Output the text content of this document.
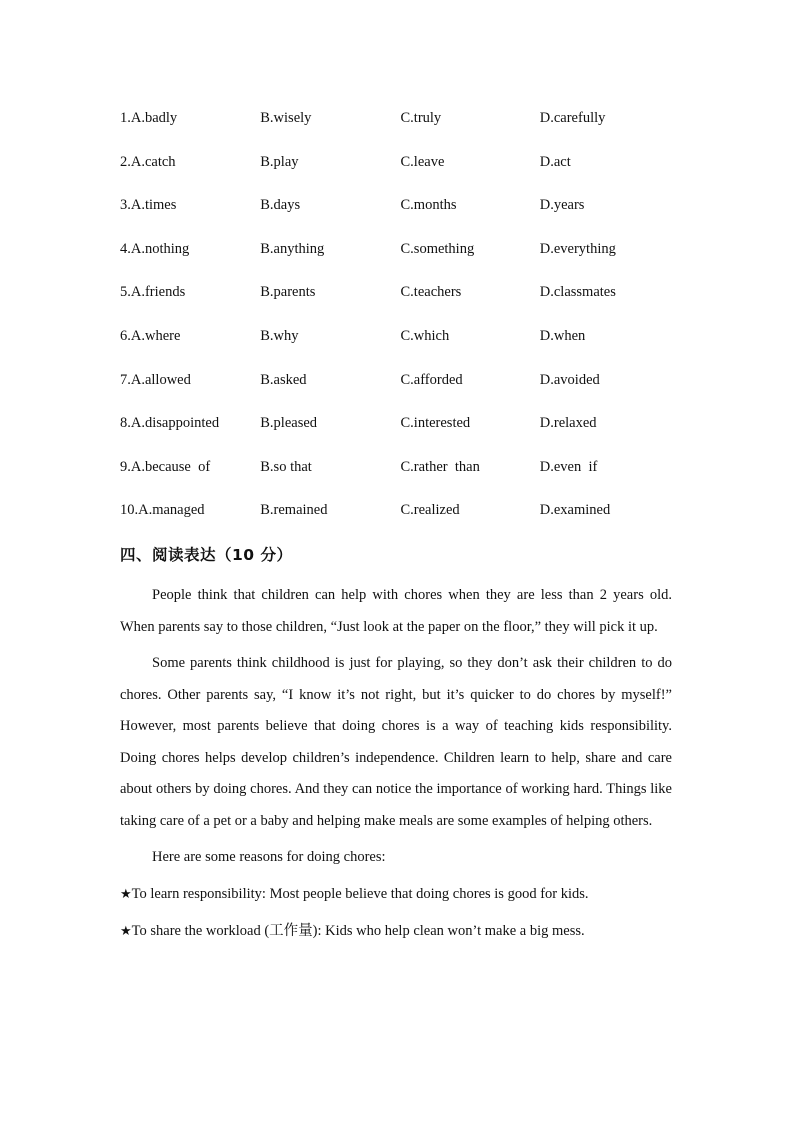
1.A.badly	B.wisely	C.truly	D.carefully
2.A.catch	B.play	C.leave	D.act
3.A.times	B.days	C.months	D.years
4.A.nothing	B.anything	C.something	D.everything
5.A.friends	B.parents	C.teachers	D.classmates
6.A.where	B.why	C.which	D.when
7.A.allowed	B.asked	C.afforded	D.avoided
8.A.disappointed	B.pleased	C.interested	D.relaxed
9.A.because  of	B.so that	C.rather  than	D.even  if
10.A.managed	B.remained	C.realized	D.examined
四、阅读表达（10 分）

People think that children can help with chores when they are less than 2 years old. When parents say to those children, “Just look at the paper on the floor,” they will pick it up.

Some parents think childhood is just for playing, so they don’t ask their children to do chores. Other parents say, “I know it’s not right, but it’s quicker to do chores by myself!” However, most parents believe that doing chores is a way of teaching kids responsibility. Doing chores helps develop children’s independence. Children learn to help, share and care about others by doing chores. And they can notice the importance of working hard. Things like taking care of a pet or a baby and helping make meals are some examples of helping others.

Here are some reasons for doing chores:

★To learn responsibility: Most people believe that doing chores is good for kids.

★To share the workload (工作量): Kids who help clean won’t make a big mess.
